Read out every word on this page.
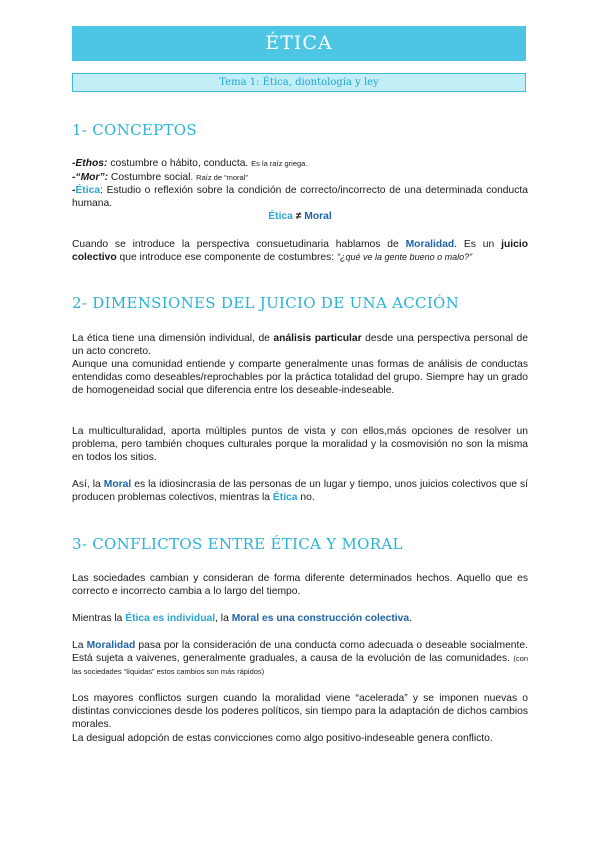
ÉTICA
Tema 1: Ética, diontología y ley
1- CONCEPTOS
-Ethos: costumbre o hábito, conducta. Es la raíz griega.
-“Mor”: Costumbre social. Raíz de “moral”
-Ética: Estudio o reflexión sobre la condición de correcto/incorrecto de una determinada conducta humana.
Ética ≠ Moral
Cuando se introduce la perspectiva consuetudinaria hablamos de Moralidad. Es un juicio colectivo que introduce ese componente de costumbres: “¿qué ve la gente bueno o malo?”
2- DIMENSIONES DEL JUICIO DE UNA ACCIÓN
La ética tiene una dimensión individual, de análisis particular desde una perspectiva personal de un acto concreto.
Aunque una comunidad entiende y comparte generalmente unas formas de análisis de conductas entendidas como deseables/reprochables por la práctica totalidad del grupo. Siempre hay un grado de homogeneidad social que diferencia entre los deseable-indeseable.
La multiculturalidad, aporta múltiples puntos de vista y con ellos,más opciones de resolver un problema, pero también choques culturales porque la moralidad y la cosmovisión no son la misma en todos los sitios.
Así, la Moral es la idiosincrasia de las personas de un lugar y tiempo, unos juicios colectivos que sí producen problemas colectivos, mientras la Ética no.
3- CONFLICTOS ENTRE ÉTICA Y MORAL
Las sociedades cambian y consideran de forma diferente determinados hechos. Aquello que es correcto e incorrecto cambia a lo largo del tiempo.
Mientras la Ética es individual, la Moral es una construcción colectiva.
La Moralidad pasa por la consideración de una conducta como adecuada o deseable socialmente. Está sujeta a vaivenes, generalmente graduales, a causa de la evolución de las comunidades. (con las sociedades “líquidas” estos cambios son más rápidos)
Los mayores conflictos surgen cuando la moralidad viene “acelerada” y se imponen nuevas o distintas convicciones desde los poderes políticos, sin tiempo para la adaptación de dichos cambios morales.
La desigual adopción de estas convicciones como algo positivo-indeseable genera conflicto.
